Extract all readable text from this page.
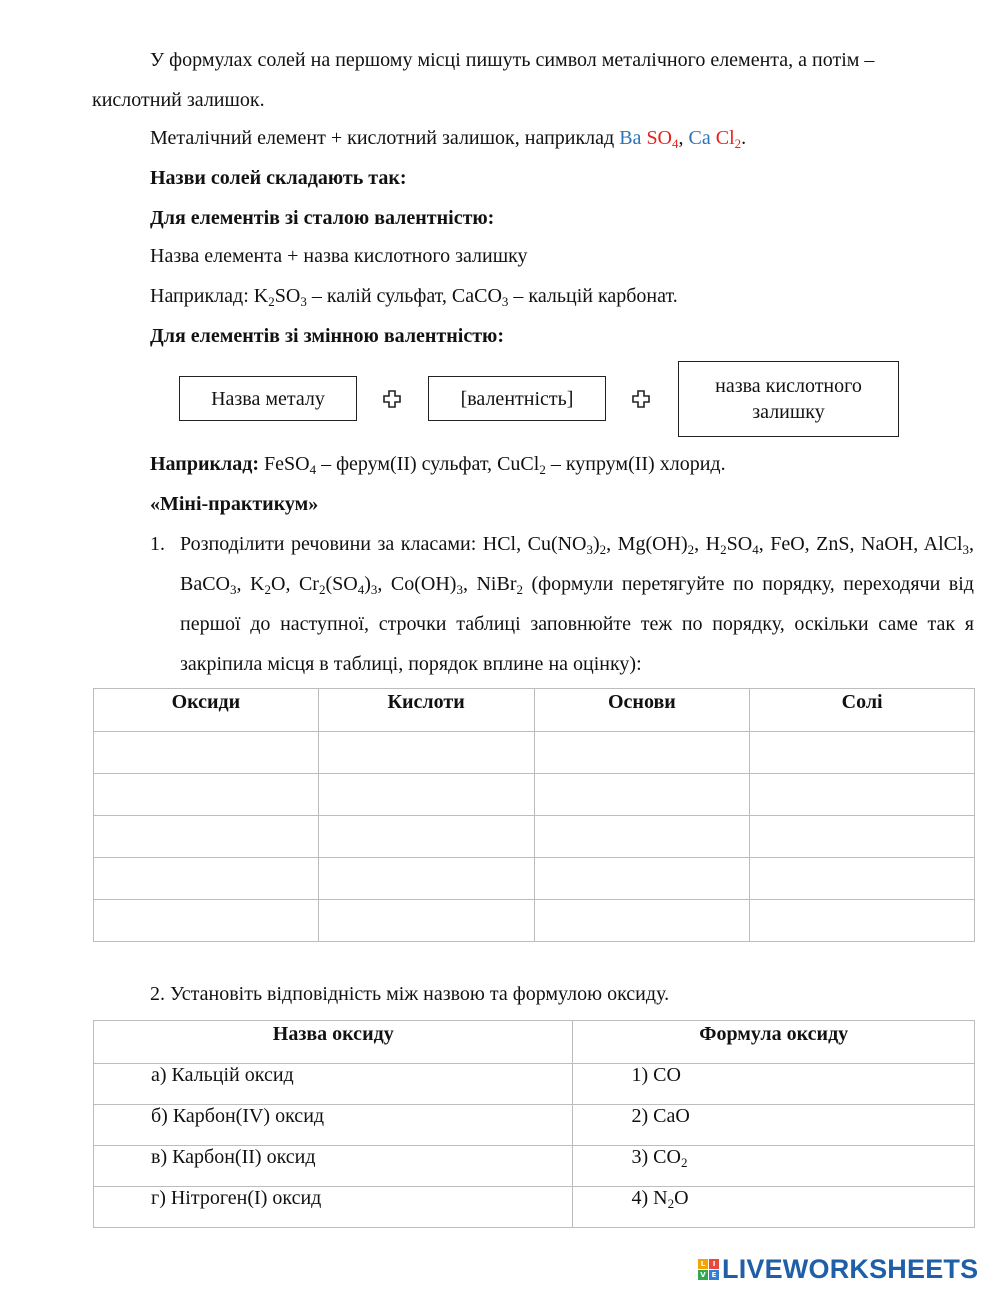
У формулах солей на першому місці пишуть символ металічного елемента, а потім –
кислотний залишок.
Металічний елемент + кислотний залишок, наприклад Ba $SO_4$, Ca $Cl_2$.
Назви солей складають так:
Для елементів зі сталою валентністю:
Назва елемента + назва кислотного залишку
Наприклад: $K_2SO_3$ – калій сульфат, CaCO$_3$ – кальцій карбонат.
Для елементів зі змінною валентністю:
Назва металу	[валентність]
назва кислотного залишку
Наприклад: FeSO$_4$ – ферум(II) сульфат, CuCl$_2$ – купрум(II) хлорид.
«Міні-практикум»
1. Розподілити речовини за класами: HCl, $Cu(NO_3)_2$, $Mg(OH)_2$, $H_2SO_4$, FeO, ZnS, NaOH, AlCl$_3$, BaCO$_3$, $K_2O$, $Cr_2(SO_4)_3$, $Co(OH)_3$, NiBr$_2$ (формули перетягуйте по порядку, переходячи від першої до наступної, строчки таблиці заповнюйте теж по порядку, оскільки саме так я закріпила місця в таблиці, порядок вплине на оцінку):
Оксиди	Кислоти	Основи	Солі

2. Установіть відповідність між назвою та формулою оксиду.
Назва оксиду	Формула оксиду
а) Кальцій оксид	1) CO
б) Карбон(IV) оксид	2) CaO
в) Карбон(II) оксид	3) $CO_2$
г) Нітроген(I) оксид	4) $N_2O$
L	I
V E LIVEWORKSHEETS
